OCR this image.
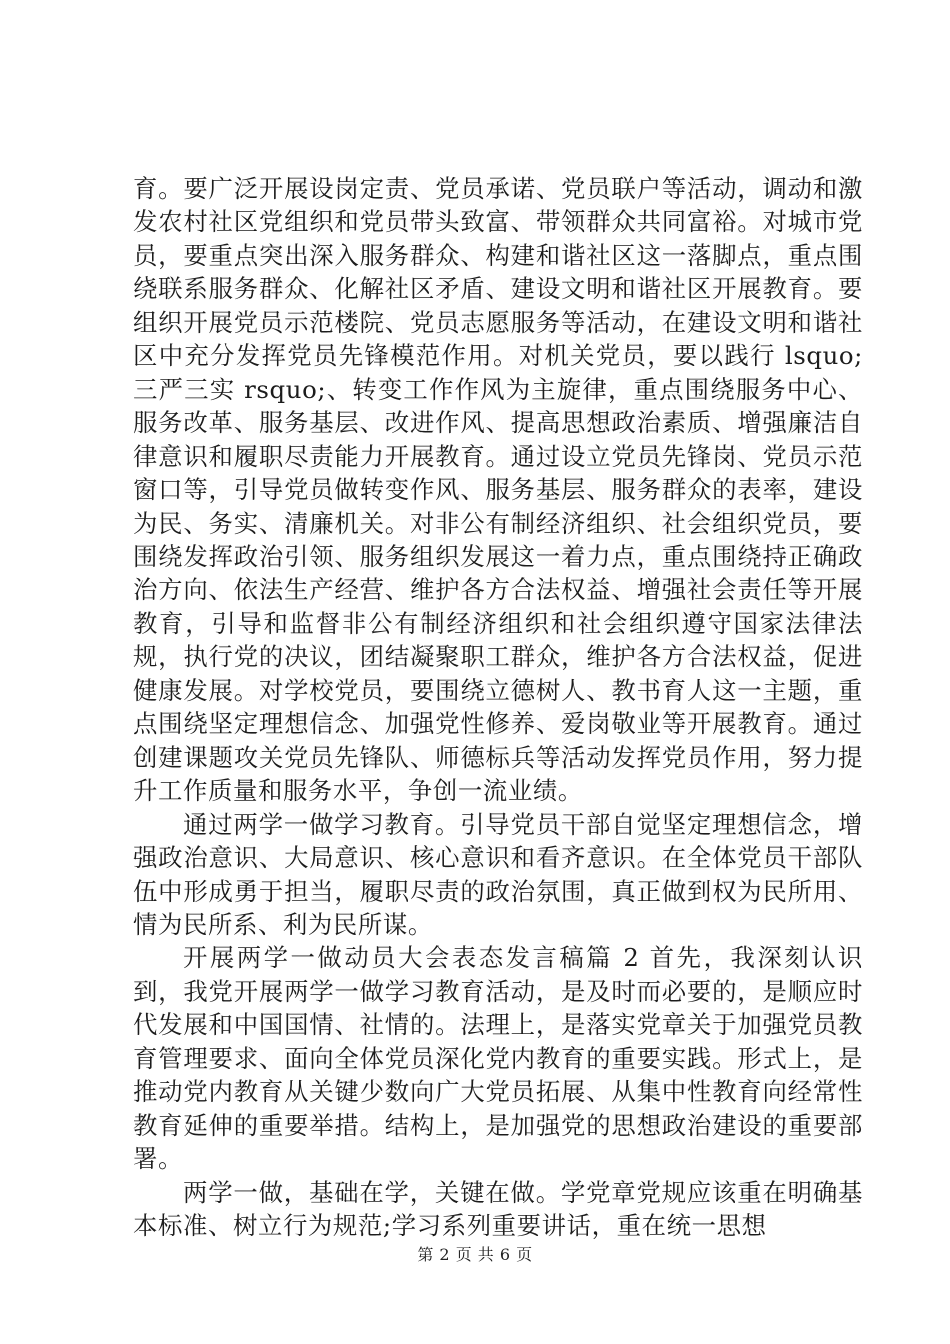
育。要广泛开展设岗定责、党员承诺、党员联户等活动，调动和激发农村社区党组织和党员带头致富、带领群众共同富裕。对城市党员，要重点突出深入服务群众、构建和谐社区这一落脚点，重点围绕联系服务群众、化解社区矛盾、建设文明和谐社区开展教育。要组织开展党员示范楼院、党员志愿服务等活动，在建设文明和谐社区中充分发挥党员先锋模范作用。对机关党员，要以践行 lsquo;三严三实 rsquo;、转变工作作风为主旋律，重点围绕服务中心、服务改革、服务基层、改进作风、提高思想政治素质、增强廉洁自律意识和履职尽责能力开展教育。通过设立党员先锋岗、党员示范窗口等，引导党员做转变作风、服务基层、服务群众的表率，建设为民、务实、清廉机关。对非公有制经济组织、社会组织党员，要围绕发挥政治引领、服务组织发展这一着力点，重点围绕持正确政治方向、依法生产经营、维护各方合法权益、增强社会责任等开展教育，引导和监督非公有制经济组织和社会组织遵守国家法律法规，执行党的决议，团结凝聚职工群众，维护各方合法权益，促进健康发展。对学校党员，要围绕立德树人、教书育人这一主题，重点围绕坚定理想信念、加强党性修养、爱岗敬业等开展教育。通过创建课题攻关党员先锋队、师德标兵等活动发挥党员作用，努力提升工作质量和服务水平，争创一流业绩。

通过两学一做学习教育。引导党员干部自觉坚定理想信念，增强政治意识、大局意识、核心意识和看齐意识。在全体党员干部队伍中形成勇于担当，履职尽责的政治氛围，真正做到权为民所用、情为民所系、利为民所谋。

开展两学一做动员大会表态发言稿篇 2 首先，我深刻认识到，我党开展两学一做学习教育活动，是及时而必要的，是顺应时代发展和中国国情、社情的。法理上，是落实党章关于加强党员教育管理要求、面向全体党员深化党内教育的重要实践。形式上，是推动党内教育从关键少数向广大党员拓展、从集中性教育向经常性教育延伸的重要举措。结构上，是加强党的思想政治建设的重要部署。

两学一做，基础在学，关键在做。学党章党规应该重在明确基本标准、树立行为规范;学习系列重要讲话，重在统一思想

第 2 页 共 6 页
